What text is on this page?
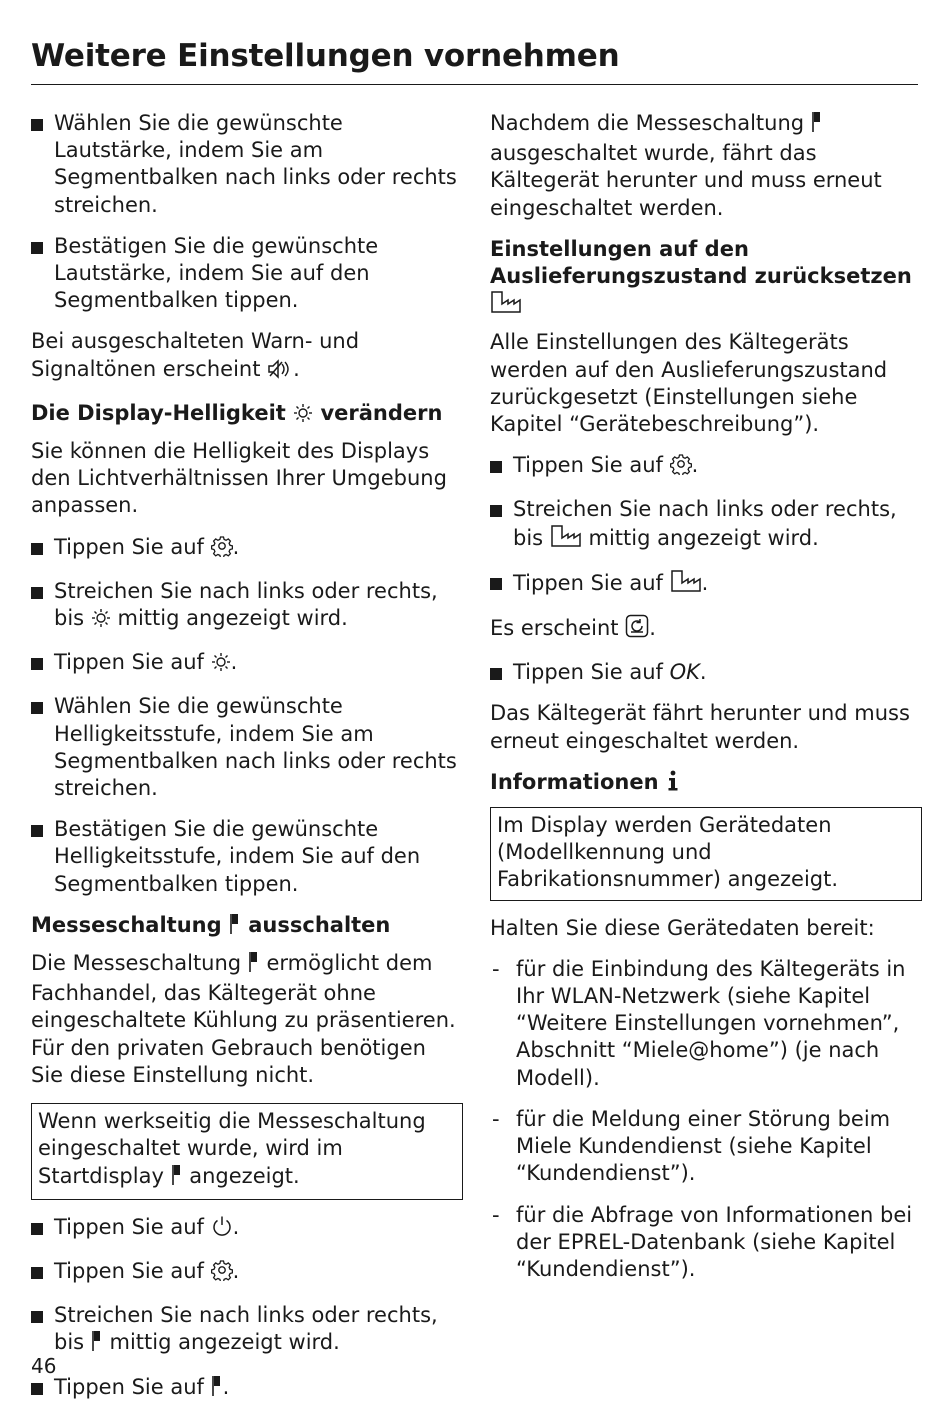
Weitere Einstellungen vornehmen
Wählen Sie die gewünschte Lautstärke, indem Sie am Segmentbalken nach links oder rechts streichen.
Bestätigen Sie die gewünschte Lautstärke, indem Sie auf den Segmentbalken tippen.

Bei ausgeschalteten Warn- und Signaltönen erscheint .

Die Display-Helligkeit verändern

Sie können die Helligkeit des Displays den Lichtverhältnissen Ihrer Umgebung anpassen.

Tippen Sie auf .
Streichen Sie nach links oder rechts, bis mittig angezeigt wird.
Tippen Sie auf .
Wählen Sie die gewünschte Helligkeitsstufe, indem Sie am Segmentbalken nach links oder rechts streichen.
Bestätigen Sie die gewünschte Helligkeitsstufe, indem Sie auf den Segmentbalken tippen.

Messeschaltung ausschalten

Die Messeschaltung ermöglicht dem Fachhandel, das Kältegerät ohne eingeschaltete Kühlung zu präsentieren. Für den privaten Gebrauch benötigen Sie diese Einstellung nicht.

Wenn werkseitig die Messeschaltung eingeschaltet wurde, wird im Startdisplay angezeigt.
Tippen Sie auf .
Tippen Sie auf .
Streichen Sie nach links oder rechts, bis mittig angezeigt wird.
Tippen Sie auf .

Nachdem die Messeschaltung  ausgeschaltet wurde, fährt das Kältegerät herunter und muss erneut eingeschaltet werden.

Einstellungen auf den Auslieferungszustand zurücksetzen

Alle Einstellungen des Kältegeräts werden auf den Auslieferungszustand zurückgesetzt (Einstellungen siehe Kapitel “Gerätebeschreibung”).

Tippen Sie auf .
Streichen Sie nach links oder rechts, bis mittig angezeigt wird.
Tippen Sie auf .

Es erscheint .

Tippen Sie auf OK.

Das Kältegerät fährt herunter und muss erneut eingeschaltet werden.

Informationen

Im Display werden Gerätedaten (Modellkennung und Fabrikationsnummer) angezeigt.

Halten Sie diese Gerätedaten bereit:

- für die Einbindung des Kältegeräts in Ihr WLAN-Netzwerk (siehe Kapitel “Weitere Einstellungen vornehmen”, Abschnitt “Miele@home”) (je nach Modell).
- für die Meldung einer Störung beim Miele Kundendienst (siehe Kapitel “Kundendienst”).
- für die Abfrage von Informationen bei der EPREL-Datenbank (siehe Kapitel “Kundendienst”).

46
